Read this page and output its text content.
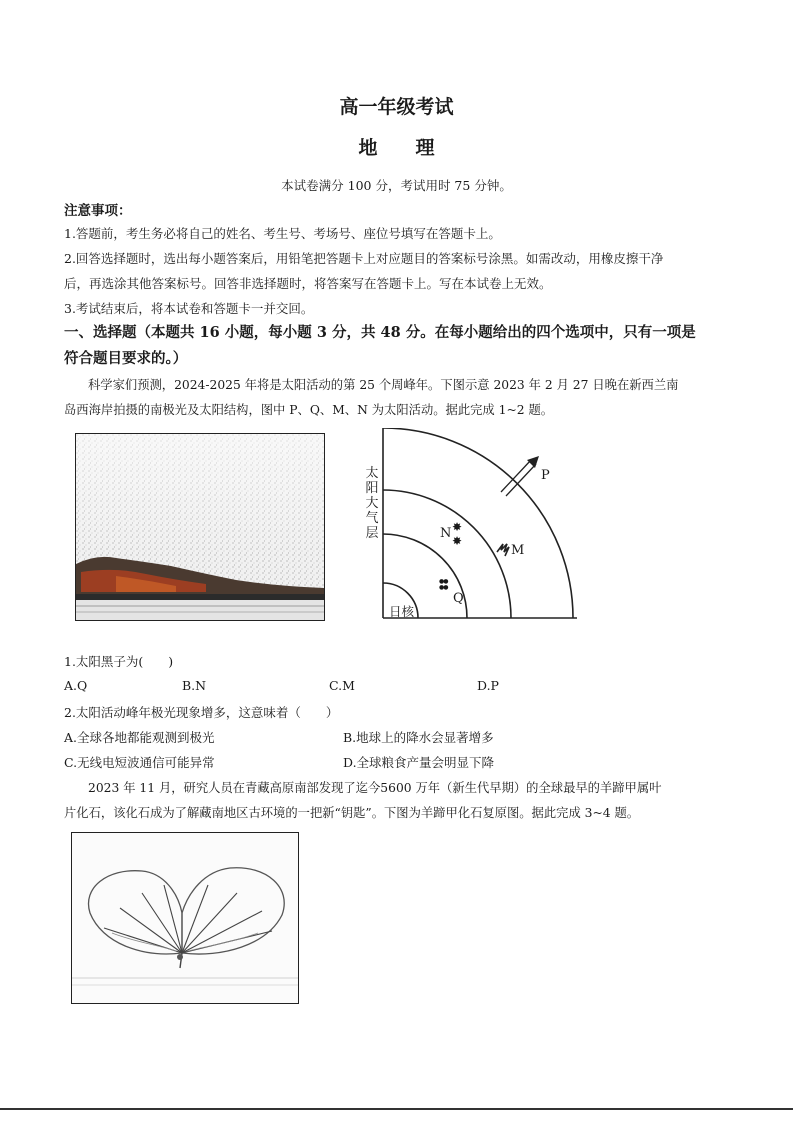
高一年级考试
地　　理
本试卷满分 100 分，考试用时 75 分钟。
注意事项：
1.答题前，考生务必将自己的姓名、考生号、考场号、座位号填写在答题卡上。
2.回答选择题时，选出每小题答案后，用铅笔把答题卡上对应题目的答案标号涂黑。如需改动，用橡皮擦干净
后，再选涂其他答案标号。回答非选择题时，将答案写在答题卡上。写在本试卷上无效。
3.考试结束后，将本试卷和答题卡一并交回。
一、选择题（本题共 16 小题，每小题 3 分，共 48 分。在每小题给出的四个选项中，只有一项是
符合题目要求的。）
科学家们预测，2024-2025 年将是太阳活动的第 25 个周峰年。下图示意 2023 年 2 月 27 日晚在新西兰南
岛西海岸拍摄的南极光及太阳结构，图中 P、Q、M、N 为太阳活动。据此完成 1~2 题。
太
阳
大
气
层
日核
P
M
N ✸
✸
●●
●●
Q
1.太阳黑子为(　　)
A.Q	B.N	C.M	D.P
2.太阳活动峰年极光现象增多，这意味着（　　）
A.全球各地都能观测到极光	B.地球上的降水会显著增多
C.无线电短波通信可能异常	D.全球粮食产量会明显下降
2023 年 11 月，研究人员在青藏高原南部发现了迄今5600 万年（新生代早期）的全球最早的羊蹄甲属叶
片化石，该化石成为了解藏南地区古环境的一把新“钥匙”。下图为羊蹄甲化石复原图。据此完成 3~4 题。
